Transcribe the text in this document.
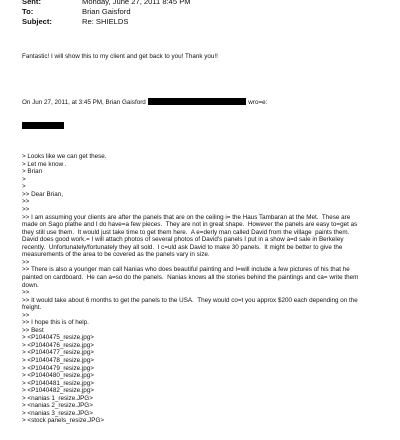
Sent:	Monday, June 27, 2011 8:45 PM
To:	Brian Gaisford
Subject:	Re: SHIELDS

Fantastic! I will show this to my client and get back to you! Thank you!!

On Jun 27, 2011, at 3:45 PM, Brian Gaisford	wro=e:

> Looks like we can get these.
> Let me know .
> Brian
>
>
>> Dear Brian,
>>
>>
>> I am assuming your clients are after the panels that are on the ceiling i= the Haus Tambaran at the Met.  These are
made on Sago plathe and I do have=a few pieces.  They are not in great shape.  However the panels are easy to=get as
they still use them.  It would just take time to get them here.  A e=derly man called David from the village  paints them.
David does good work.= I will attach photos of several photos of David's panels I put in a show a=d sale in Berkeley
recently.  Unfortunately/fortunately they all sold.  I c=uld ask David to make 30 panels.  It might be better to give the
measurements of the area to be covered as the panels vary in size.
>>
>> There is also a younger man call Nanias who does beautiful painting and I=will include a few pictures of his that he
painted on cardboard.  He can a=so do the panels.  Nanias knows all the stories behind the paintings and ca= write them
down.
>>
>> It would take about 6 months to get the panels to the USA.  They would co=t you approx $200 each depending on the
freight.
>>
>> I hope this is of help.
>> Best
> <P1040475_resize.jpg>
> <P1040476_resize.jpg>
> <P1040477_resize.jpg>
> <P1040478_resize.jpg>
> <P1040479_resize.jpg>
> <P1040480_resize.jpg>
> <P1040481_resize.jpg>
> <P1040482_resize.jpg>
> <nanias 1_resize.JPG>
> <nanias 2_resize.JPG>
> <nanias 3_resize.JPG>
> <stock panels_resize.JPG>
